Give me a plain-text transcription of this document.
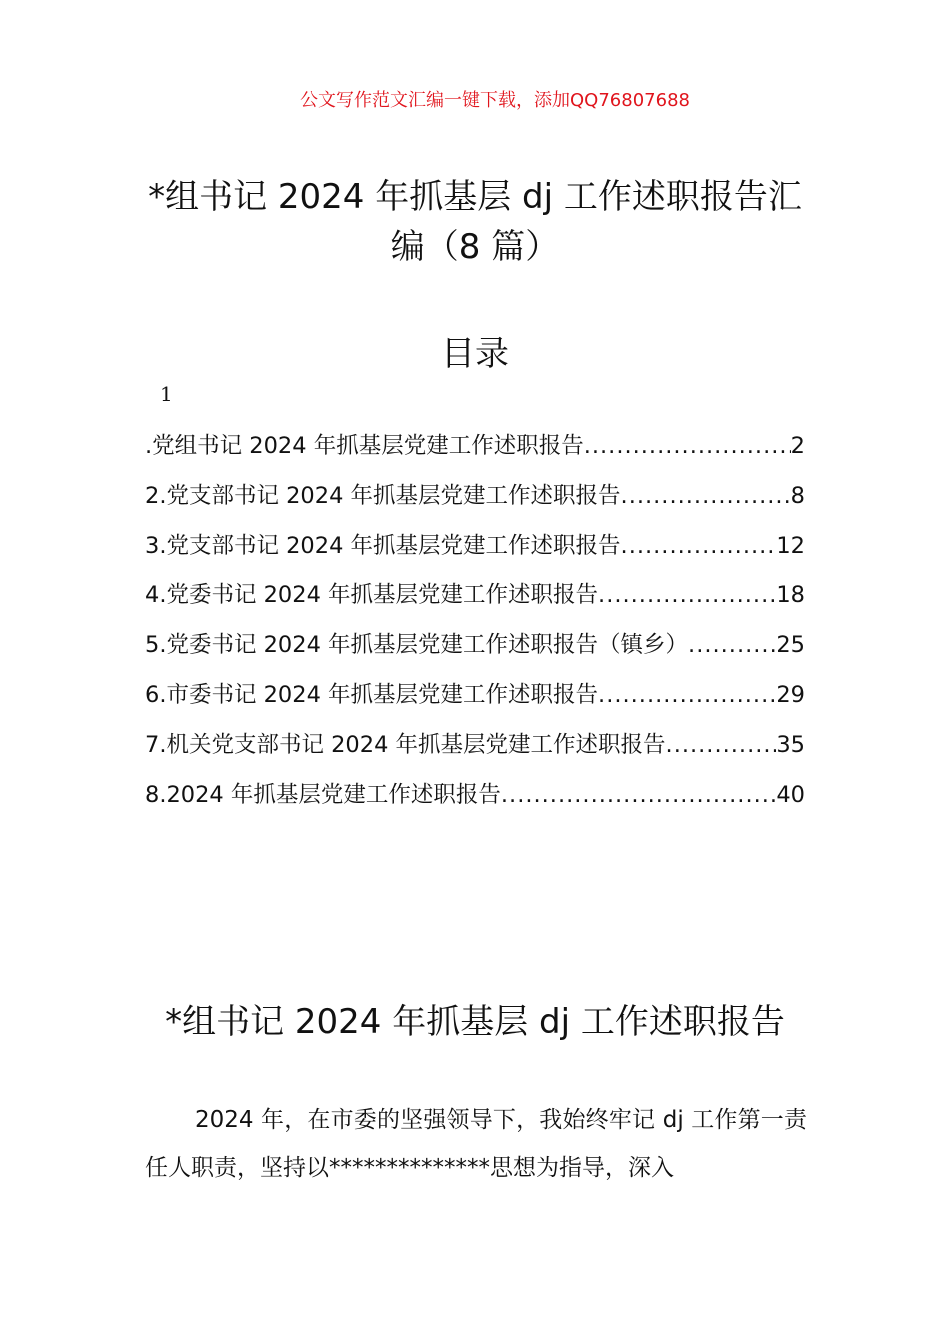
公文写作范文汇编一键下载，添加QQ76807688
*组书记 2024 年抓基层 dj 工作述职报告汇编（8 篇）
目录
1
.党组书记 2024 年抓基层党建工作述职报告 .....	2
2.党支部书记 2024 年抓基层党建工作述职报告 .....	8
3.党支部书记 2024 年抓基层党建工作述职报告 .....	12
4.党委书记 2024 年抓基层党建工作述职报告 .....	18
5.党委书记 2024 年抓基层党建工作述职报告（镇乡） .....	25
6.市委书记 2024 年抓基层党建工作述职报告 .....	29
7.机关党支部书记 2024 年抓基层党建工作述职报告 .....	35
8.2024 年抓基层党建工作述职报告 .....	40
*组书记 2024 年抓基层 dj 工作述职报告
2024 年，在市委的坚强领导下，我始终牢记 dj 工作第一责任人职责，坚持以**************思想为指导，深入
